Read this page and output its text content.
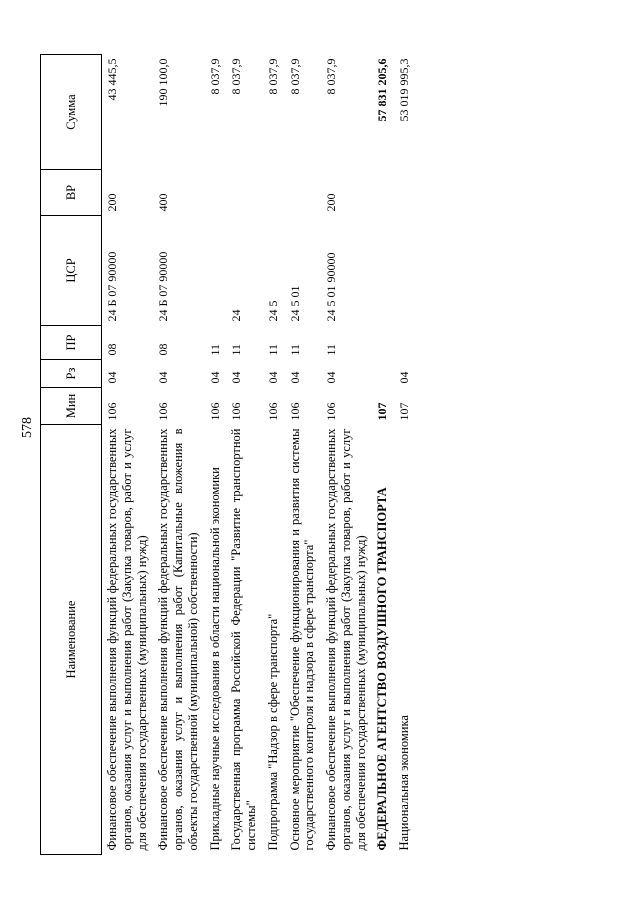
578
Наименование	Мин	Рз	ПР	ЦСР	ВР	Сумма
Финансовое обеспечение выполнения функций федеральных государственных органов, оказания услуг и выполнения работ (Закупка товаров, работ и услуг для обеспечения государственных (муниципальных) нужд)	106	04	08	24 Б 07 90000	200	43 445,5
Финансовое обеспечение выполнения функций федеральных государственных органов, оказания услуг и выполнения работ (Капитальные вложения в объекты государственной (муниципальной) собственности)	106	04	08	24 Б 07 90000	400	190 100,0
Прикладные научные исследования в области национальной экономики	106	04	11			8 037,9
Государственная программа Российской Федерации "Развитие транспортной системы"	106	04	11	24		8 037,9
Подпрограмма "Надзор в сфере транспорта"	106	04	11	24 5		8 037,9
Основное мероприятие "Обеспечение функционирования и развития системы государственного контроля и надзора в сфере транспорта"	106	04	11	24 5 01		8 037,9
Финансовое обеспечение выполнения функций федеральных государственных органов, оказания услуг и выполнения работ (Закупка товаров, работ и услуг для обеспечения государственных (муниципальных) нужд)	106	04	11	24 5 01 90000	200	8 037,9
ФЕДЕРАЛЬНОЕ АГЕНТСТВО ВОЗДУШНОГО ТРАНСПОРТА	107					57 831 205,6
Национальная экономика	107	04				53 019 995,3
